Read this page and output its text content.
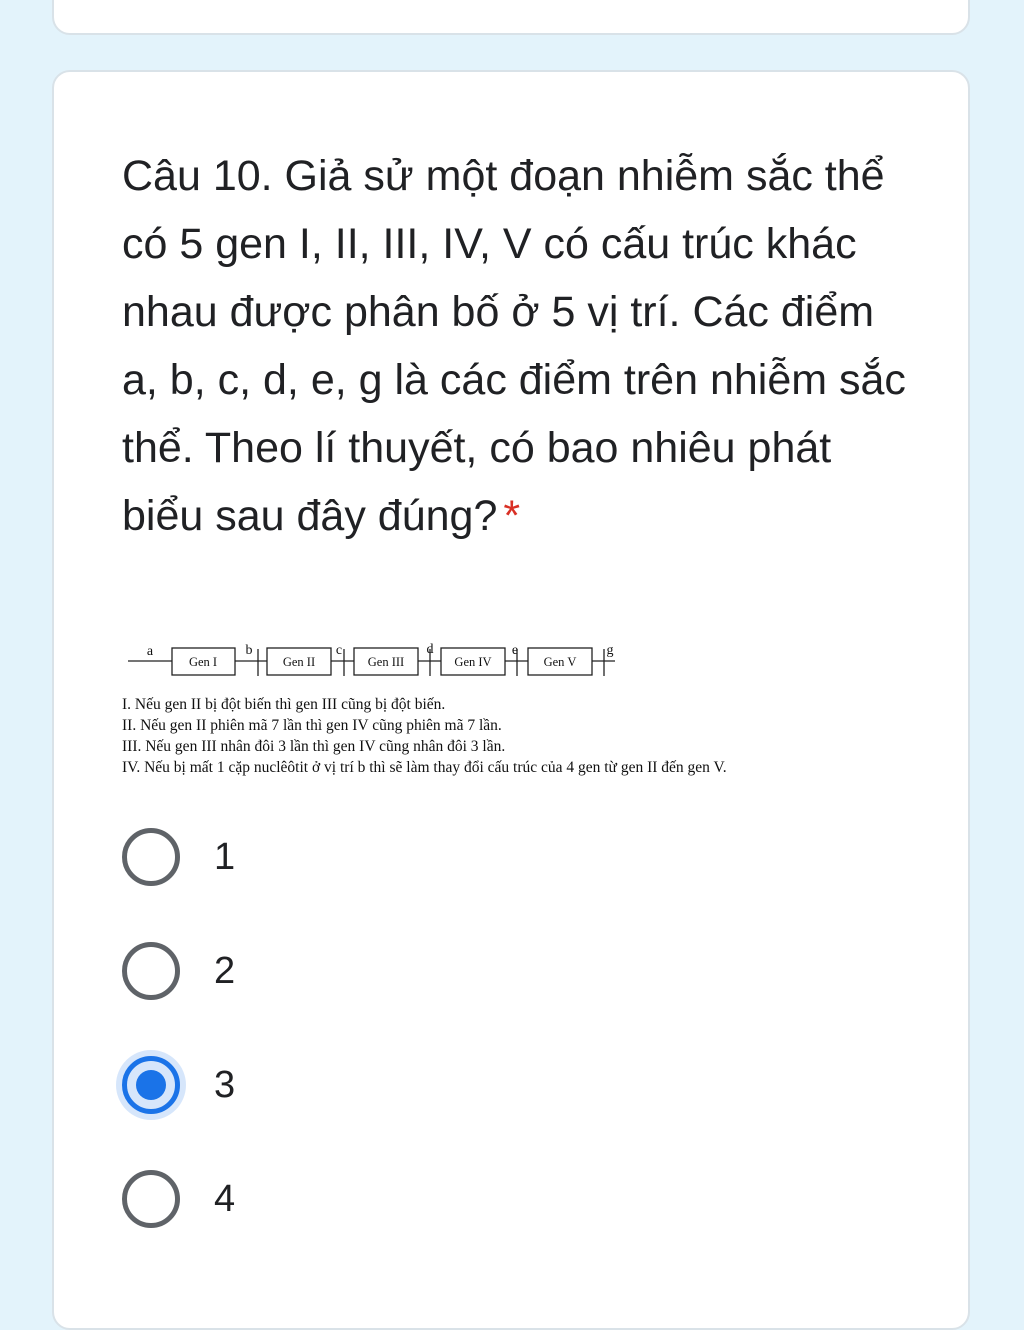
Câu 10. Giả sử một đoạn nhiễm sắc thể có 5 gen I, II, III, IV, V có cấu trúc khác nhau được phân bố ở 5 vị trí. Các điểm a, b, c, d, e, g là các điểm trên nhiễm sắc thể. Theo lí thuyết, có bao nhiêu phát biểu sau đây đúng? *

Gen I	Gen II	Gen III	Gen IV	Gen V
a	b	c	d	e	g
I. Nếu gen II bị đột biến thì gen III cũng bị đột biến.
II. Nếu gen II phiên mã 7 lần thì gen IV cũng phiên mã 7 lần.
III. Nếu gen III nhân đôi 3 lần thì gen IV cũng nhân đôi 3 lần.
IV. Nếu bị mất 1 cặp nuclêôtit ở vị trí b thì sẽ làm thay đổi cấu trúc của 4 gen từ gen II đến gen V.
1
2
3
4
